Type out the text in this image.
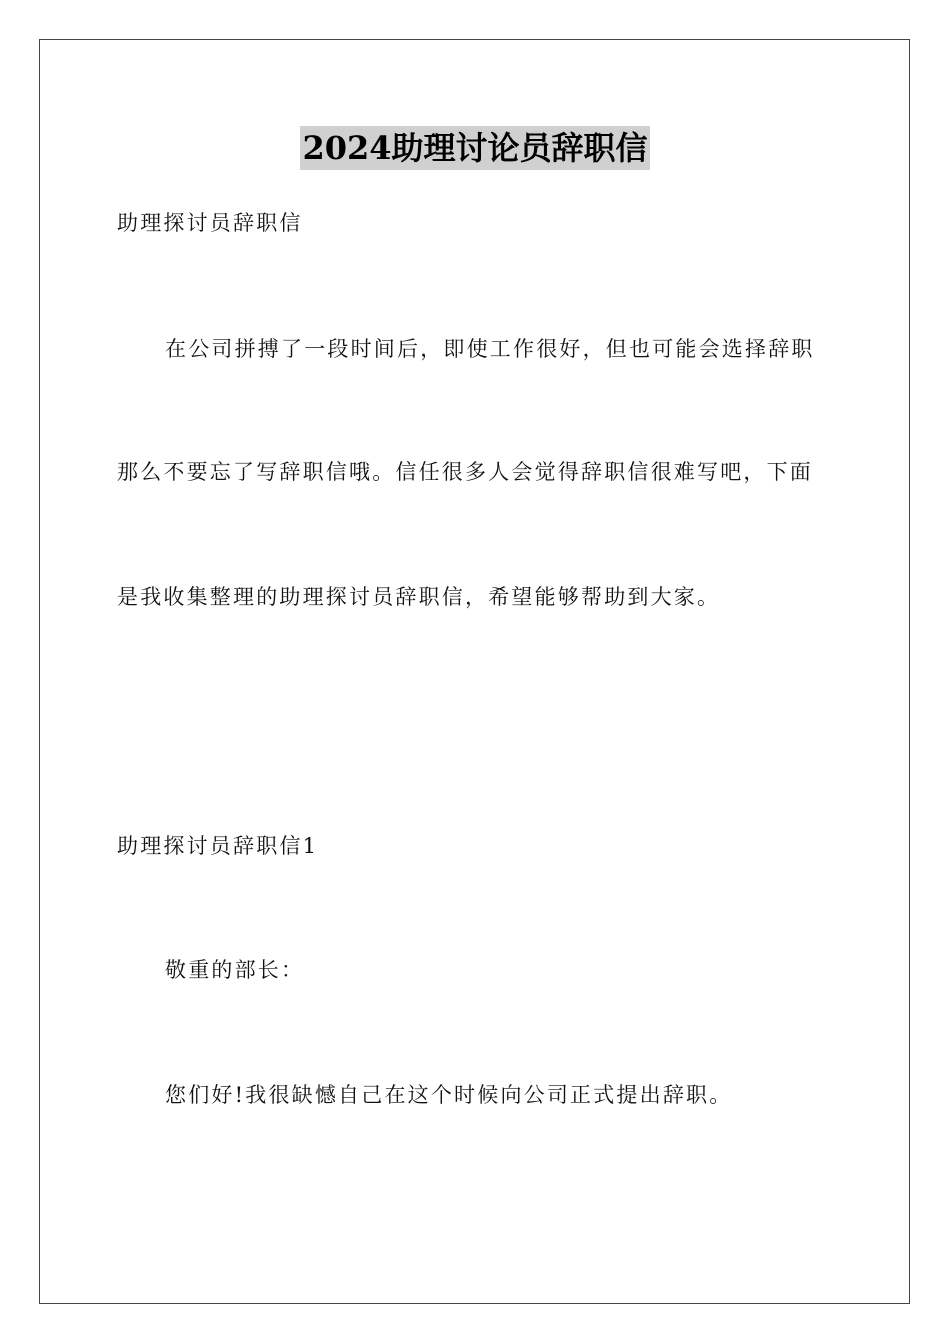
2024助理讨论员辞职信
助理探讨员辞职信
在公司拼搏了一段时间后，即使工作很好，但也可能会选择辞职
那么不要忘了写辞职信哦。信任很多人会觉得辞职信很难写吧，下面
是我收集整理的助理探讨员辞职信，希望能够帮助到大家。
助理探讨员辞职信1
敬重的部长：
您们好!我很缺憾自己在这个时候向公司正式提出辞职。
